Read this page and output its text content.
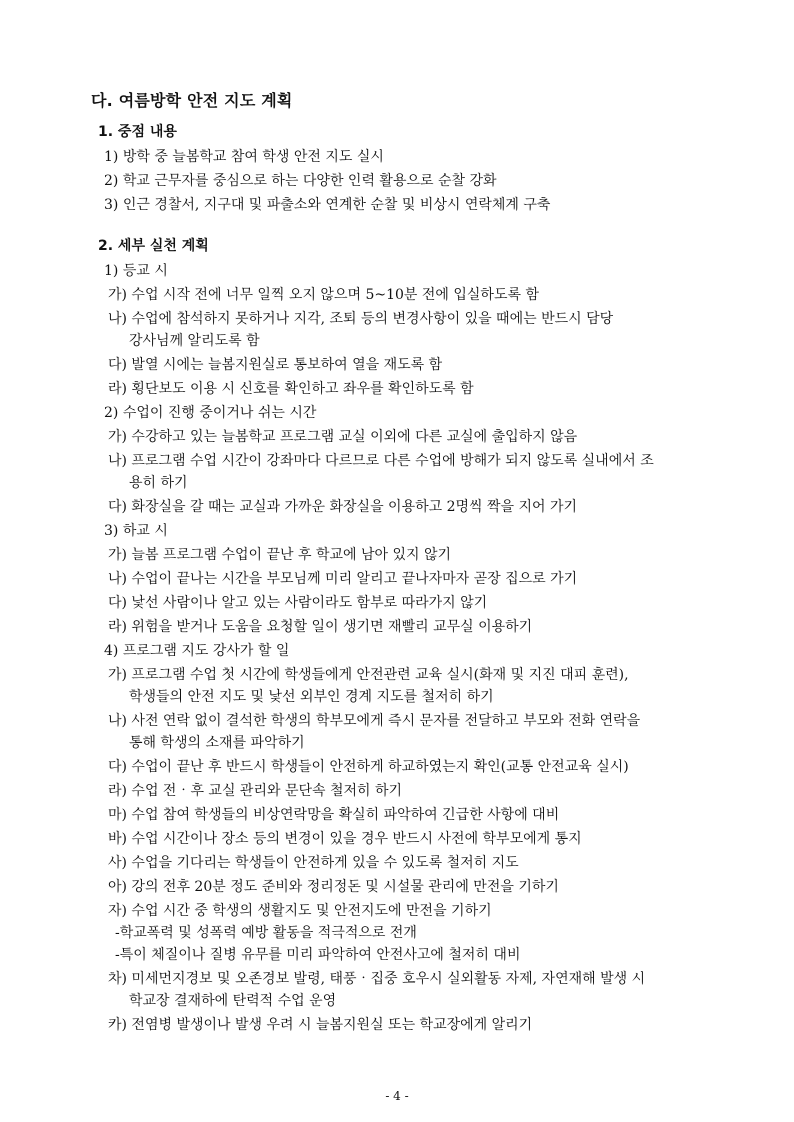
다. 여름방학 안전 지도 계획
1. 중점 내용
1) 방학 중 늘봄학교 참여 학생 안전 지도 실시
2) 학교 근무자를 중심으로 하는 다양한 인력 활용으로 순찰 강화
3) 인근 경찰서, 지구대 및 파출소와 연계한 순찰 및 비상시 연락체계 구축
2. 세부 실천 계획
1) 등교 시
가) 수업 시작 전에 너무 일찍 오지 않으며 5~10분 전에 입실하도록 함
나) 수업에 참석하지 못하거나 지각, 조퇴 등의 변경사항이 있을 때에는 반드시 담당
강사님께 알리도록 함
다) 발열 시에는 늘봄지원실로 통보하여 열을 재도록 함
라) 횡단보도 이용 시 신호를 확인하고 좌우를 확인하도록 함
2) 수업이 진행 중이거나 쉬는 시간
가) 수강하고 있는 늘봄학교 프로그램 교실 이외에 다른 교실에 출입하지 않음
나) 프로그램 수업 시간이 강좌마다 다르므로 다른 수업에 방해가 되지 않도록 실내에서 조
용히 하기
다) 화장실을 갈 때는 교실과 가까운 화장실을 이용하고 2명씩 짝을 지어 가기
3) 하교 시
가) 늘봄 프로그램 수업이 끝난 후 학교에 남아 있지 않기
나) 수업이 끝나는 시간을 부모님께 미리 알리고 끝나자마자 곧장 집으로 가기
다) 낯선 사람이나 알고 있는 사람이라도 함부로 따라가지 않기
라) 위험을 받거나 도움을 요청할 일이 생기면 재빨리 교무실 이용하기
4) 프로그램 지도 강사가 할 일
가) 프로그램 수업 첫 시간에 학생들에게 안전관련 교육 실시(화재 및 지진 대피 훈련),
학생들의 안전 지도 및 낯선 외부인 경계 지도를 철저히 하기
나) 사전 연락 없이 결석한 학생의 학부모에게 즉시 문자를 전달하고 부모와 전화 연락을
통해 학생의 소재를 파악하기
다) 수업이 끝난 후 반드시 학생들이 안전하게 하교하였는지 확인(교통 안전교육 실시)
라) 수업 전‧후 교실 관리와 문단속 철저히 하기
마) 수업 참여 학생들의 비상연락망을 확실히 파악하여 긴급한 사항에 대비
바) 수업 시간이나 장소 등의 변경이 있을 경우 반드시 사전에 학부모에게 통지
사) 수업을 기다리는 학생들이 안전하게 있을 수 있도록 철저히 지도
아) 강의 전후 20분 정도 준비와 정리정돈 및 시설물 관리에 만전을 기하기
자) 수업 시간 중 학생의 생활지도 및 안전지도에 만전을 기하기
-학교폭력 및 성폭력 예방 활동을 적극적으로 전개
-특이 체질이나 질병 유무를 미리 파악하여 안전사고에 철저히 대비
차) 미세먼지경보 및 오존경보 발령, 태풍‧집중 호우시 실외활동 자제, 자연재해 발생 시
학교장 결재하에 탄력적 수업 운영
카) 전염병 발생이나 발생 우려 시 늘봄지원실 또는 학교장에게 알리기
- 4 -
